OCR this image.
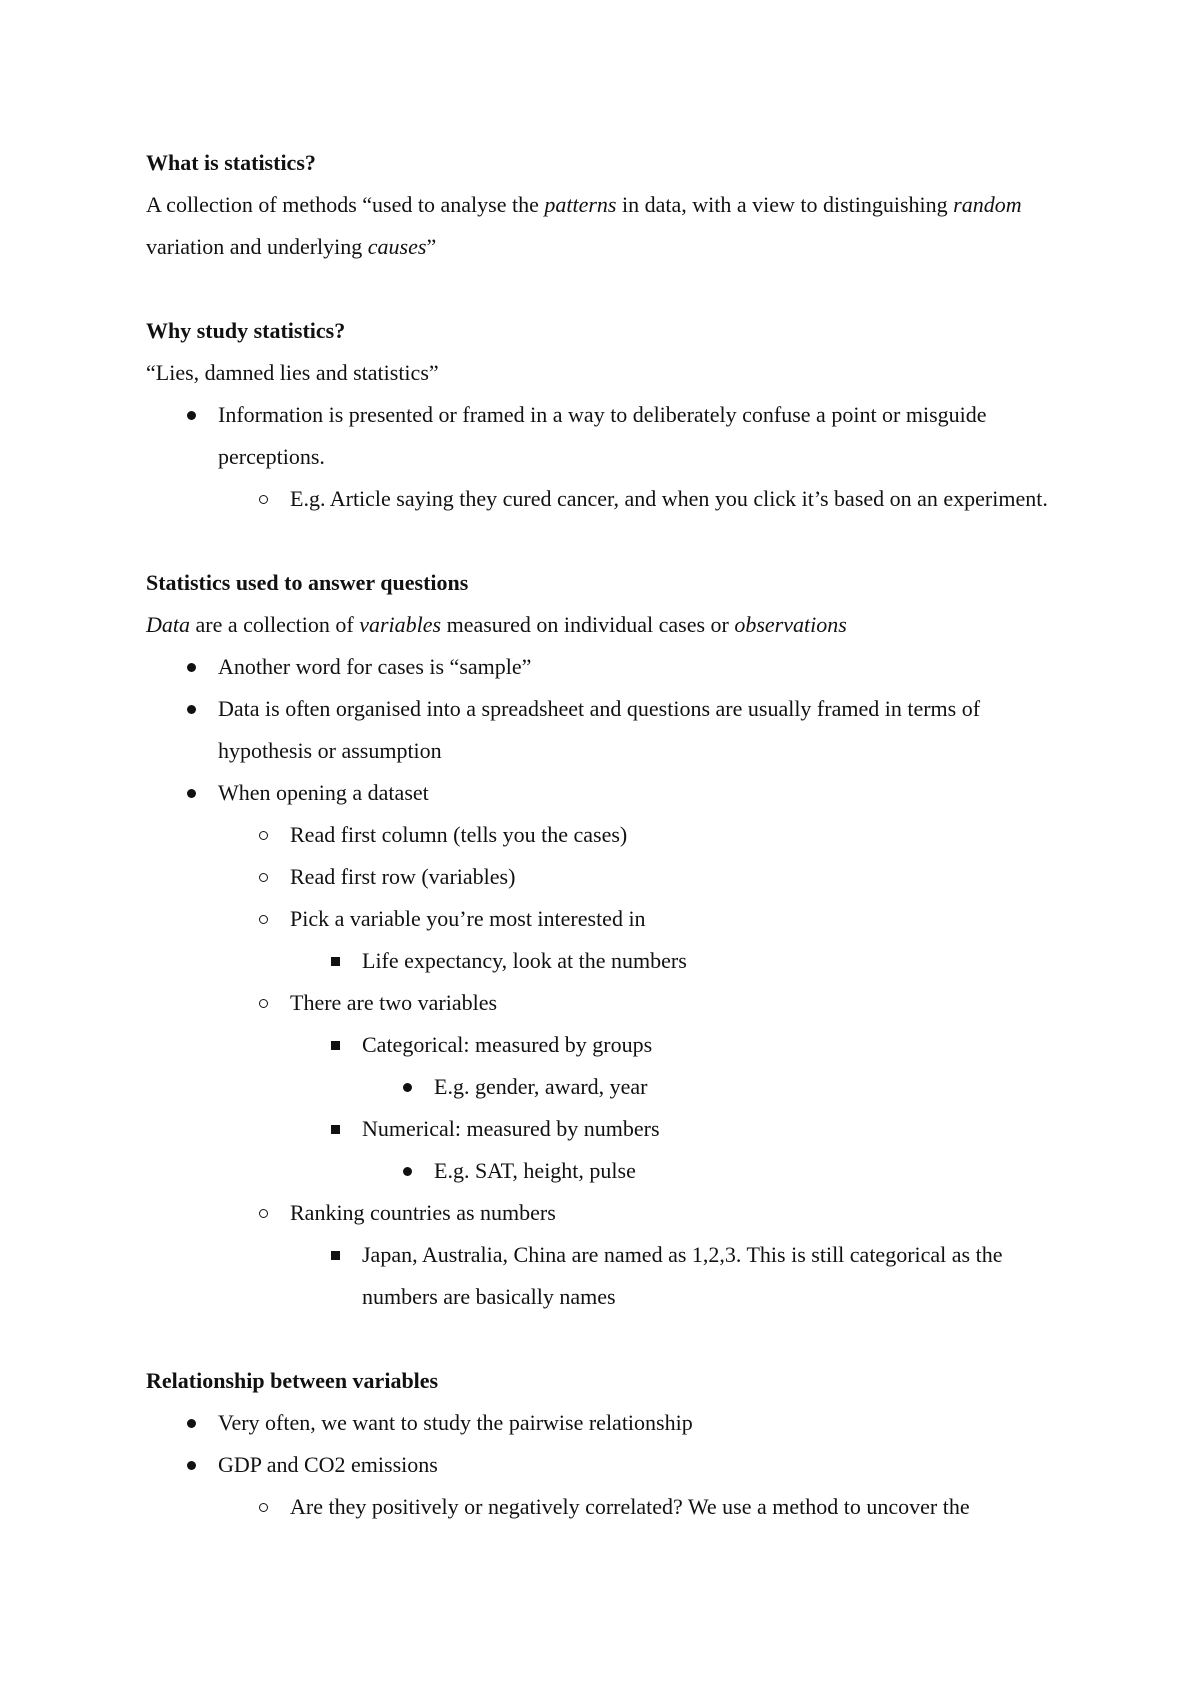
What is statistics?

A collection of methods “used to analyse the patterns in data, with a view to distinguishing random variation and underlying causes”

Why study statistics?

“Lies, damned lies and statistics”

Information is presented or framed in a way to deliberately confuse a point or misguide perceptions.
E.g. Article saying they cured cancer, and when you click it’s based on an experiment.

Statistics used to answer questions

Data are a collection of variables measured on individual cases or observations

Another word for cases is “sample”
Data is often organised into a spreadsheet and questions are usually framed in terms of hypothesis or assumption
When opening a dataset
Read first column (tells you the cases)
Read first row (variables)
Pick a variable you’re most interested in
Life expectancy, look at the numbers
There are two variables
Categorical: measured by groups
E.g. gender, award, year
Numerical: measured by numbers
E.g. SAT, height, pulse
Ranking countries as numbers
Japan, Australia, China are named as 1,2,3. This is still categorical as the numbers are basically names

Relationship between variables

Very often, we want to study the pairwise relationship
GDP and CO2 emissions
Are they positively or negatively correlated? We use a method to uncover the
